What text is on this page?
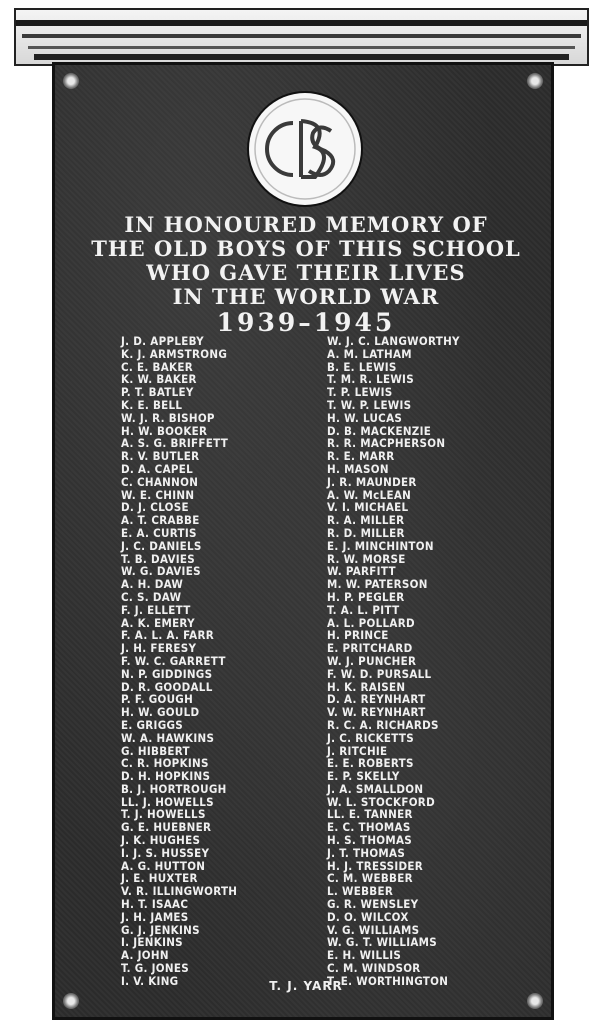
IN HONOURED MEMORY OF
THE OLD BOYS OF THIS SCHOOL
WHO GAVE THEIR LIVES
IN THE WORLD WAR
1939–1945
J. D. APPLEBY
K. J. ARMSTRONG
C. E. BAKER
K. W. BAKER
P. T. BATLEY
K. E. BELL
W. J. R. BISHOP
H. W. BOOKER
A. S. G. BRIFFETT
R. V. BUTLER
D. A. CAPEL
C. CHANNON
W. E. CHINN
D. J. CLOSE
A. T. CRABBE
E. A. CURTIS
J. C. DANIELS
T. B. DAVIES
W. G. DAVIES
A. H. DAW
C. S. DAW
F. J. ELLETT
A. K. EMERY
F. A. L. A. FARR
J. H. FERESY
F. W. C. GARRETT
N. P. GIDDINGS
D. R. GOODALL
P. F. GOUGH
H. W. GOULD
E. GRIGGS
W. A. HAWKINS
G. HIBBERT
C. R. HOPKINS
D. H. HOPKINS
B. J. HORTROUGH
LL. J. HOWELLS
T. J. HOWELLS
G. E. HUEBNER
J. K. HUGHES
I. J. S. HUSSEY
A. G. HUTTON
J. E. HUXTER
V. R. ILLINGWORTH
H. T. ISAAC
J. H. JAMES
G. J. JENKINS
I. JENKINS
A. JOHN
T. G. JONES
I. V. KING
W. J. C. LANGWORTHY
A. M. LATHAM
B. E. LEWIS
T. M. R. LEWIS
T. P. LEWIS
T. W. P. LEWIS
H. W. LUCAS
D. B. MACKENZIE
R. R. MACPHERSON
R. E. MARR
H. MASON
J. R. MAUNDER
A. W. McLEAN
V. I. MICHAEL
R. A. MILLER
R. D. MILLER
E. J. MINCHINTON
R. W. MORSE
W. PARFITT
M. W. PATERSON
H. P. PEGLER
T. A. L. PITT
A. L. POLLARD
H. PRINCE
E. PRITCHARD
W. J. PUNCHER
F. W. D. PURSALL
H. K. RAISEN
D. A. REYNHART
V. W. REYNHART
R. C. A. RICHARDS
J. C. RICKETTS
J. RITCHIE
E. E. ROBERTS
E. P. SKELLY
J. A. SMALLDON
W. L. STOCKFORD
LL. E. TANNER
E. C. THOMAS
H. S. THOMAS
J. T. THOMAS
H. J. TRESSIDER
C. M. WEBBER
L. WEBBER
G. R. WENSLEY
D. O. WILCOX
V. G. WILLIAMS
W. G. T. WILLIAMS
E. H. WILLIS
C. M. WINDSOR
T. E. WORTHINGTON
T. J. YARR
